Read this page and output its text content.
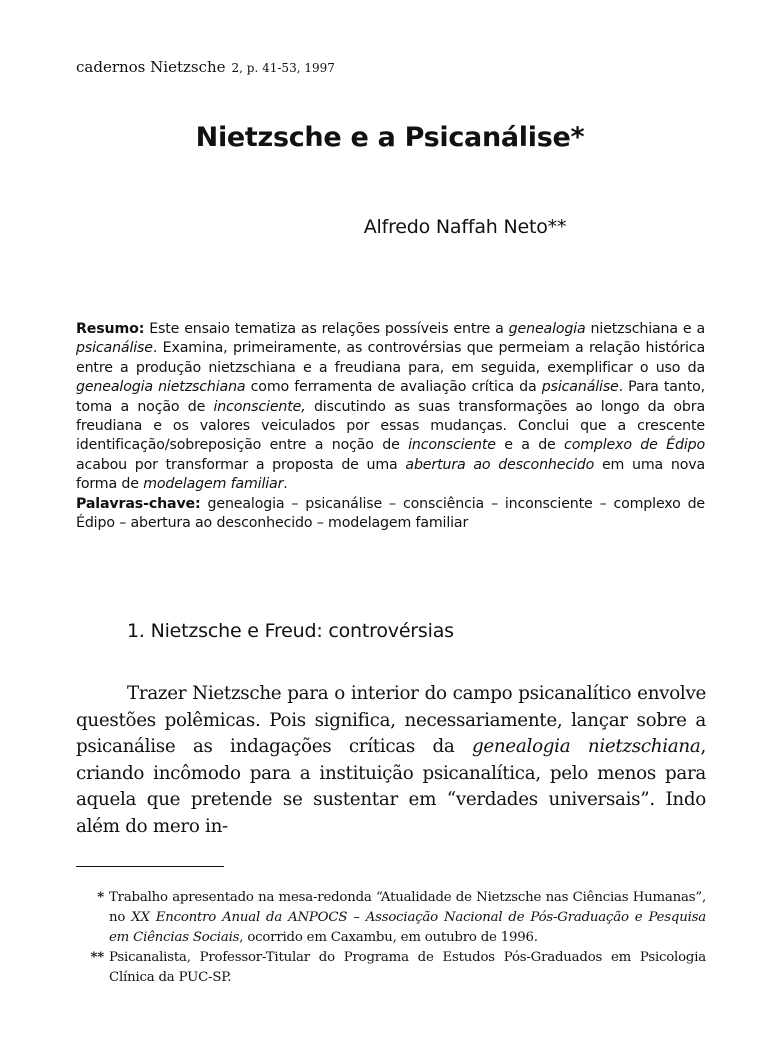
cadernos Nietzsche 2, p. 41-53, 1997
Nietzsche e a Psicanálise*
Alfredo Naffah Neto**

Resumo: Este ensaio tematiza as relações possíveis entre a genealogia nietzschiana e a psicanálise. Examina, primeiramente, as controvérsias que permeiam a relação histórica entre a produção nietzschiana e a freudiana para, em seguida, exemplificar o uso da genealogia nietzschiana como ferramenta de avaliação crítica da psicanálise. Para tanto, toma a noção de inconsciente, discutindo as suas transformações ao longo da obra freudiana e os valores veiculados por essas mudanças. Conclui que a crescente identificação/sobreposição entre a noção de inconsciente e a de complexo de Édipo acabou por transformar a proposta de uma abertura ao desconhecido em uma nova forma de modelagem familiar.

Palavras-chave: genealogia – psicanálise – consciência – inconsciente – complexo de Édipo – abertura ao desconhecido – modelagem familiar

1. Nietzsche e Freud: controvérsias

Trazer Nietzsche para o interior do campo psicanalítico envolve questões polêmicas. Pois significa, necessariamente, lançar sobre a psicanálise as indagações críticas da genealogia nietzschiana, criando incômodo para a instituição psicanalítica, pelo menos para aquela que pretende se sustentar em “verdades universais”. Indo além do mero in-

* Trabalho apresentado na mesa-redonda “Atualidade de Nietzsche nas Ciências Humanas”, no XX Encontro Anual da ANPOCS – Associação Nacional de Pós-Graduação e Pesquisa em Ciências Sociais, ocorrido em Caxambu, em outubro de 1996.

** Psicanalista, Professor-Titular do Programa de Estudos Pós-Graduados em Psicologia Clínica da PUC-SP.
